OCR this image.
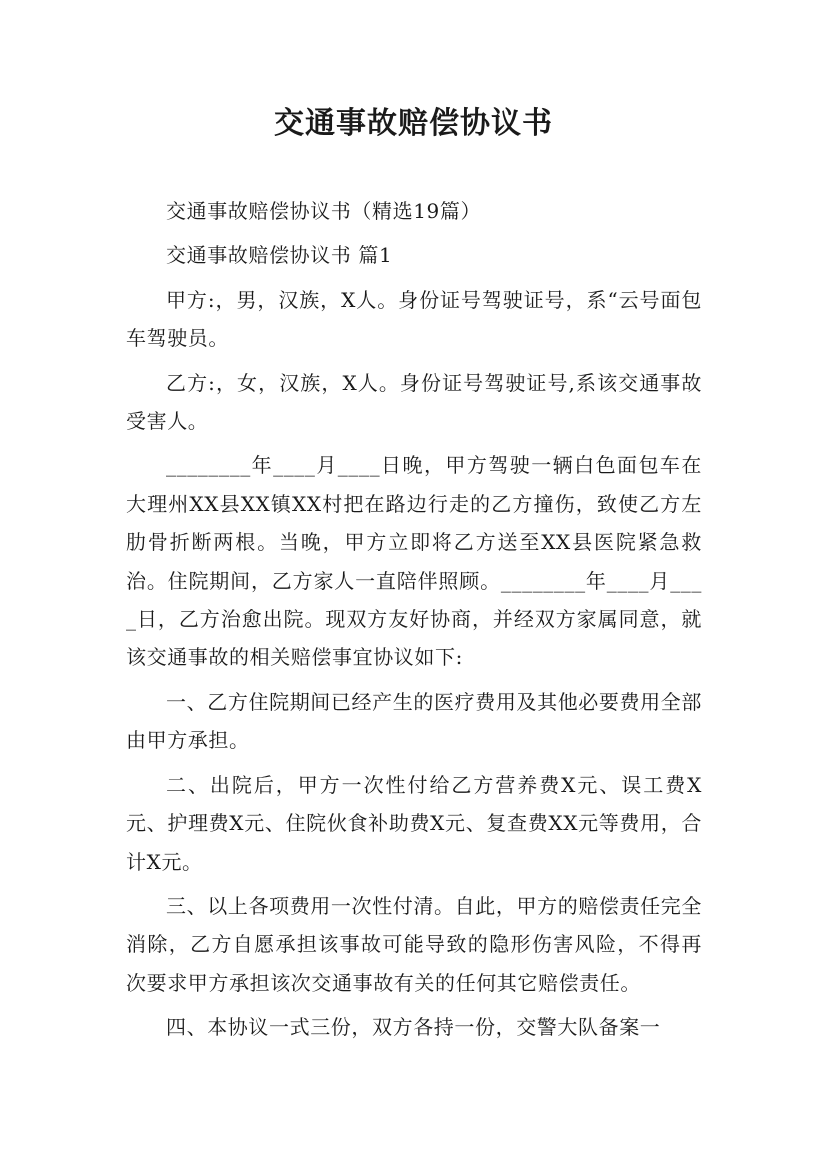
交通事故赔偿协议书

交通事故赔偿协议书（精选19篇）

交通事故赔偿协议书 篇1

甲方:，男，汉族，X人。身份证号驾驶证号，系“云号面包车驾驶员。

乙方:，女，汉族，X人。身份证号驾驶证号,系该交通事故受害人。

________年____月____日晚，甲方驾驶一辆白色面包车在大理州XX县XX镇XX村把在路边行走的乙方撞伤，致使乙方左肋骨折断两根。当晚，甲方立即将乙方送至XX县医院紧急救治。住院期间，乙方家人一直陪伴照顾。________年____月____日，乙方治愈出院。现双方友好协商，并经双方家属同意，就该交通事故的相关赔偿事宜协议如下:

一、乙方住院期间已经产生的医疗费用及其他必要费用全部由甲方承担。

二、出院后，甲方一次性付给乙方营养费X元、误工费X元、护理费X元、住院伙食补助费X元、复查费XX元等费用，合计X元。

三、以上各项费用一次性付清。自此，甲方的赔偿责任完全消除，乙方自愿承担该事故可能导致的隐形伤害风险，不得再次要求甲方承担该次交通事故有关的任何其它赔偿责任。

四、本协议一式三份，双方各持一份，交警大队备案一
